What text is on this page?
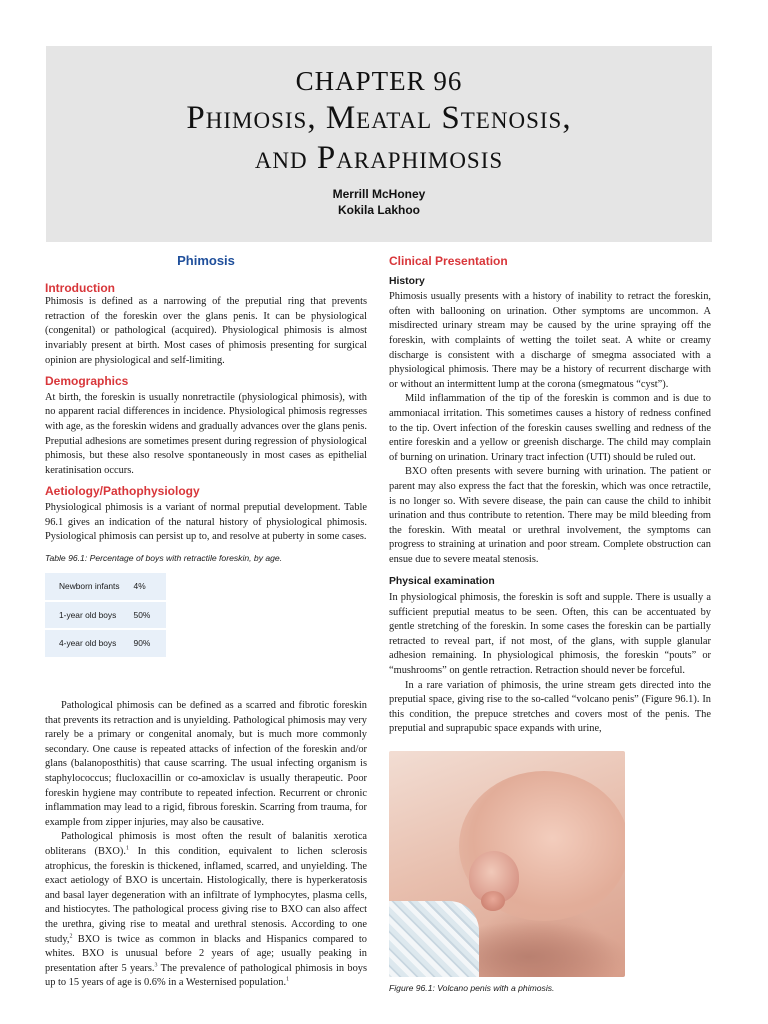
CHAPTER 96
Phimosis, Meatal Stenosis,
and Paraphimosis
Merrill McHoney
Kokila Lakhoo
Phimosis
Introduction

Phimosis is defined as a narrowing of the preputial ring that prevents retraction of the foreskin over the glans penis. It can be physiological (congenital) or pathological (acquired). Physiological phimosis is almost invariably present at birth. Most cases of phimosis presenting for surgical opinion are physiological and self-limiting.

Demographics

At birth, the foreskin is usually nonretractile (physiological phimosis), with no apparent racial differences in incidence. Physiological phimosis regresses with age, as the foreskin widens and gradually advances over the glans penis. Preputial adhesions are sometimes present during regression of physiological phimosis, but these also resolve spontaneously in most cases as epithelial keratinisation occurs.

Aetiology/Pathophysiology

Physiological phimosis is a variant of normal preputial development. Table 96.1 gives an indication of the natural history of physiological phimosis. Pysiological phimosis can persist up to, and resolve at puberty in some cases.

Table 96.1: Percentage of boys with retractile foreskin, by age.
Newborn infants	4%
1-year old boys	50%
4-year old boys	90%

Pathological phimosis can be defined as a scarred and fibrotic foreskin that prevents its retraction and is unyielding. Pathological phimosis may very rarely be a primary or congenital anomaly, but is much more commonly secondary. One cause is repeated attacks of infection of the foreskin and/or glans (balanoposthitis) that cause scarring. The usual infecting organism is staphylococcus; flucloxacillin or co-amoxiclav is usually therapeutic. Poor foreskin hygiene may contribute to repeated infection. Recurrent or chronic inflammation may lead to a rigid, fibrous foreskin. Scarring from trauma, for example from zipper injuries, may also be causative.

Pathological phimosis is most often the result of balanitis xerotica obliterans (BXO).$^1$ In this condition, equivalent to lichen sclerosis atrophicus, the foreskin is thickened, inflamed, scarred, and unyielding. The exact aetiology of BXO is uncertain. Histologically, there is hyperkeratosis and basal layer degeneration with an infiltrate of lymphocytes, plasma cells, and histiocytes. The pathological process giving rise to BXO can also affect the urethra, giving rise to meatal and urethral stenosis. According to one study,$^2$ BXO is twice as common in blacks and Hispanics compared to whites. BXO is unusual before 2 years of age; usually peaking in presentation after 5 years.$^3$ The prevalence of pathological phimosis in boys up to 15 years of age is 0.6% in a Westernised population.$^1$

Clinical Presentation
History

Phimosis usually presents with a history of inability to retract the foreskin, often with ballooning on urination. Other symptoms are uncommon. A misdirected urinary stream may be caused by the urine spraying off the foreskin, with complaints of wetting the toilet seat. A white or creamy discharge is consistent with a discharge of smegma associated with a physiological phimosis. There may be a history of recurrent discharge with or without an intermittent lump at the corona (smegmatous “cyst”).

Mild inflammation of the tip of the foreskin is common and is due to ammoniacal irritation. This sometimes causes a history of redness confined to the tip. Overt infection of the foreskin causes swelling and redness of the entire foreskin and a yellow or greenish discharge. The child may complain of burning on urination. Urinary tract infection (UTI) should be ruled out.

BXO often presents with severe burning with urination. The patient or parent may also express the fact that the foreskin, which was once retractile, is no longer so. With severe disease, the pain can cause the child to inhibit urination and thus contribute to retention. There may be mild bleeding from the foreskin. With meatal or urethral involvement, the symptoms can progress to straining at urination and poor stream. Complete obstruction can ensue due to severe meatal stenosis.

Physical examination

In physiological phimosis, the foreskin is soft and supple. There is usually a sufficient preputial meatus to be seen. Often, this can be accentuated by gentle stretching of the foreskin. In some cases the foreskin can be partially retracted to reveal part, if not most, of the glans, with supple glanular adhesion remaining. In physiological phimosis, the foreskin “pouts” or “mushrooms” on gentle retraction. Retraction should never be forceful.

In a rare variation of phimosis, the urine stream gets directed into the preputial space, giving rise to the so-called “volcano penis” (Figure 96.1). In this condition, the prepuce stretches and covers most of the penis. The preputial and suprapubic space expands with urine,

Figure 96.1: Volcano penis with a phimosis.
